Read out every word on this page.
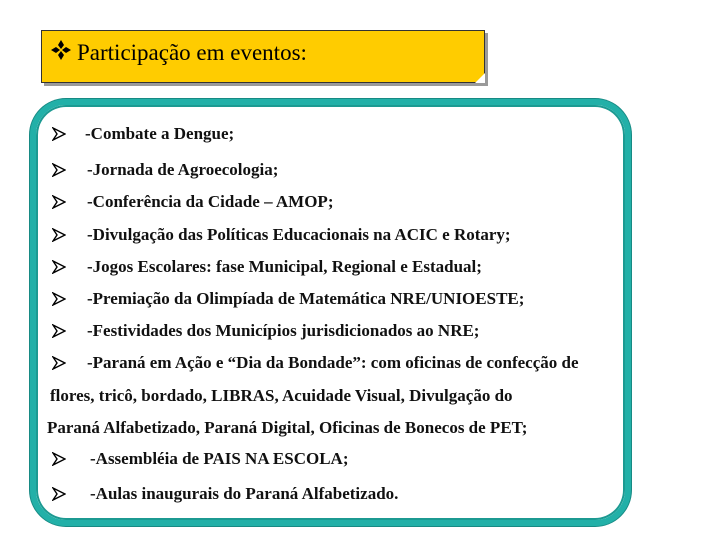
Participação em eventos:
-Combate a Dengue;
-Jornada de Agroecologia;
-Conferência da Cidade – AMOP;
-Divulgação das Políticas Educacionais na ACIC e Rotary;
-Jogos Escolares: fase Municipal, Regional e Estadual;
-Premiação da Olimpíada de Matemática NRE/UNIOESTE;
-Festividades dos Municípios jurisdicionados ao NRE;
-Paraná em Ação e “Dia da Bondade”: com oficinas de confecção de
flores, tricô, bordado, LIBRAS, Acuidade Visual, Divulgação do
Paraná Alfabetizado, Paraná Digital, Oficinas de Bonecos de PET;
-Assembléia de PAIS NA ESCOLA;
-Aulas inaugurais do Paraná Alfabetizado.
